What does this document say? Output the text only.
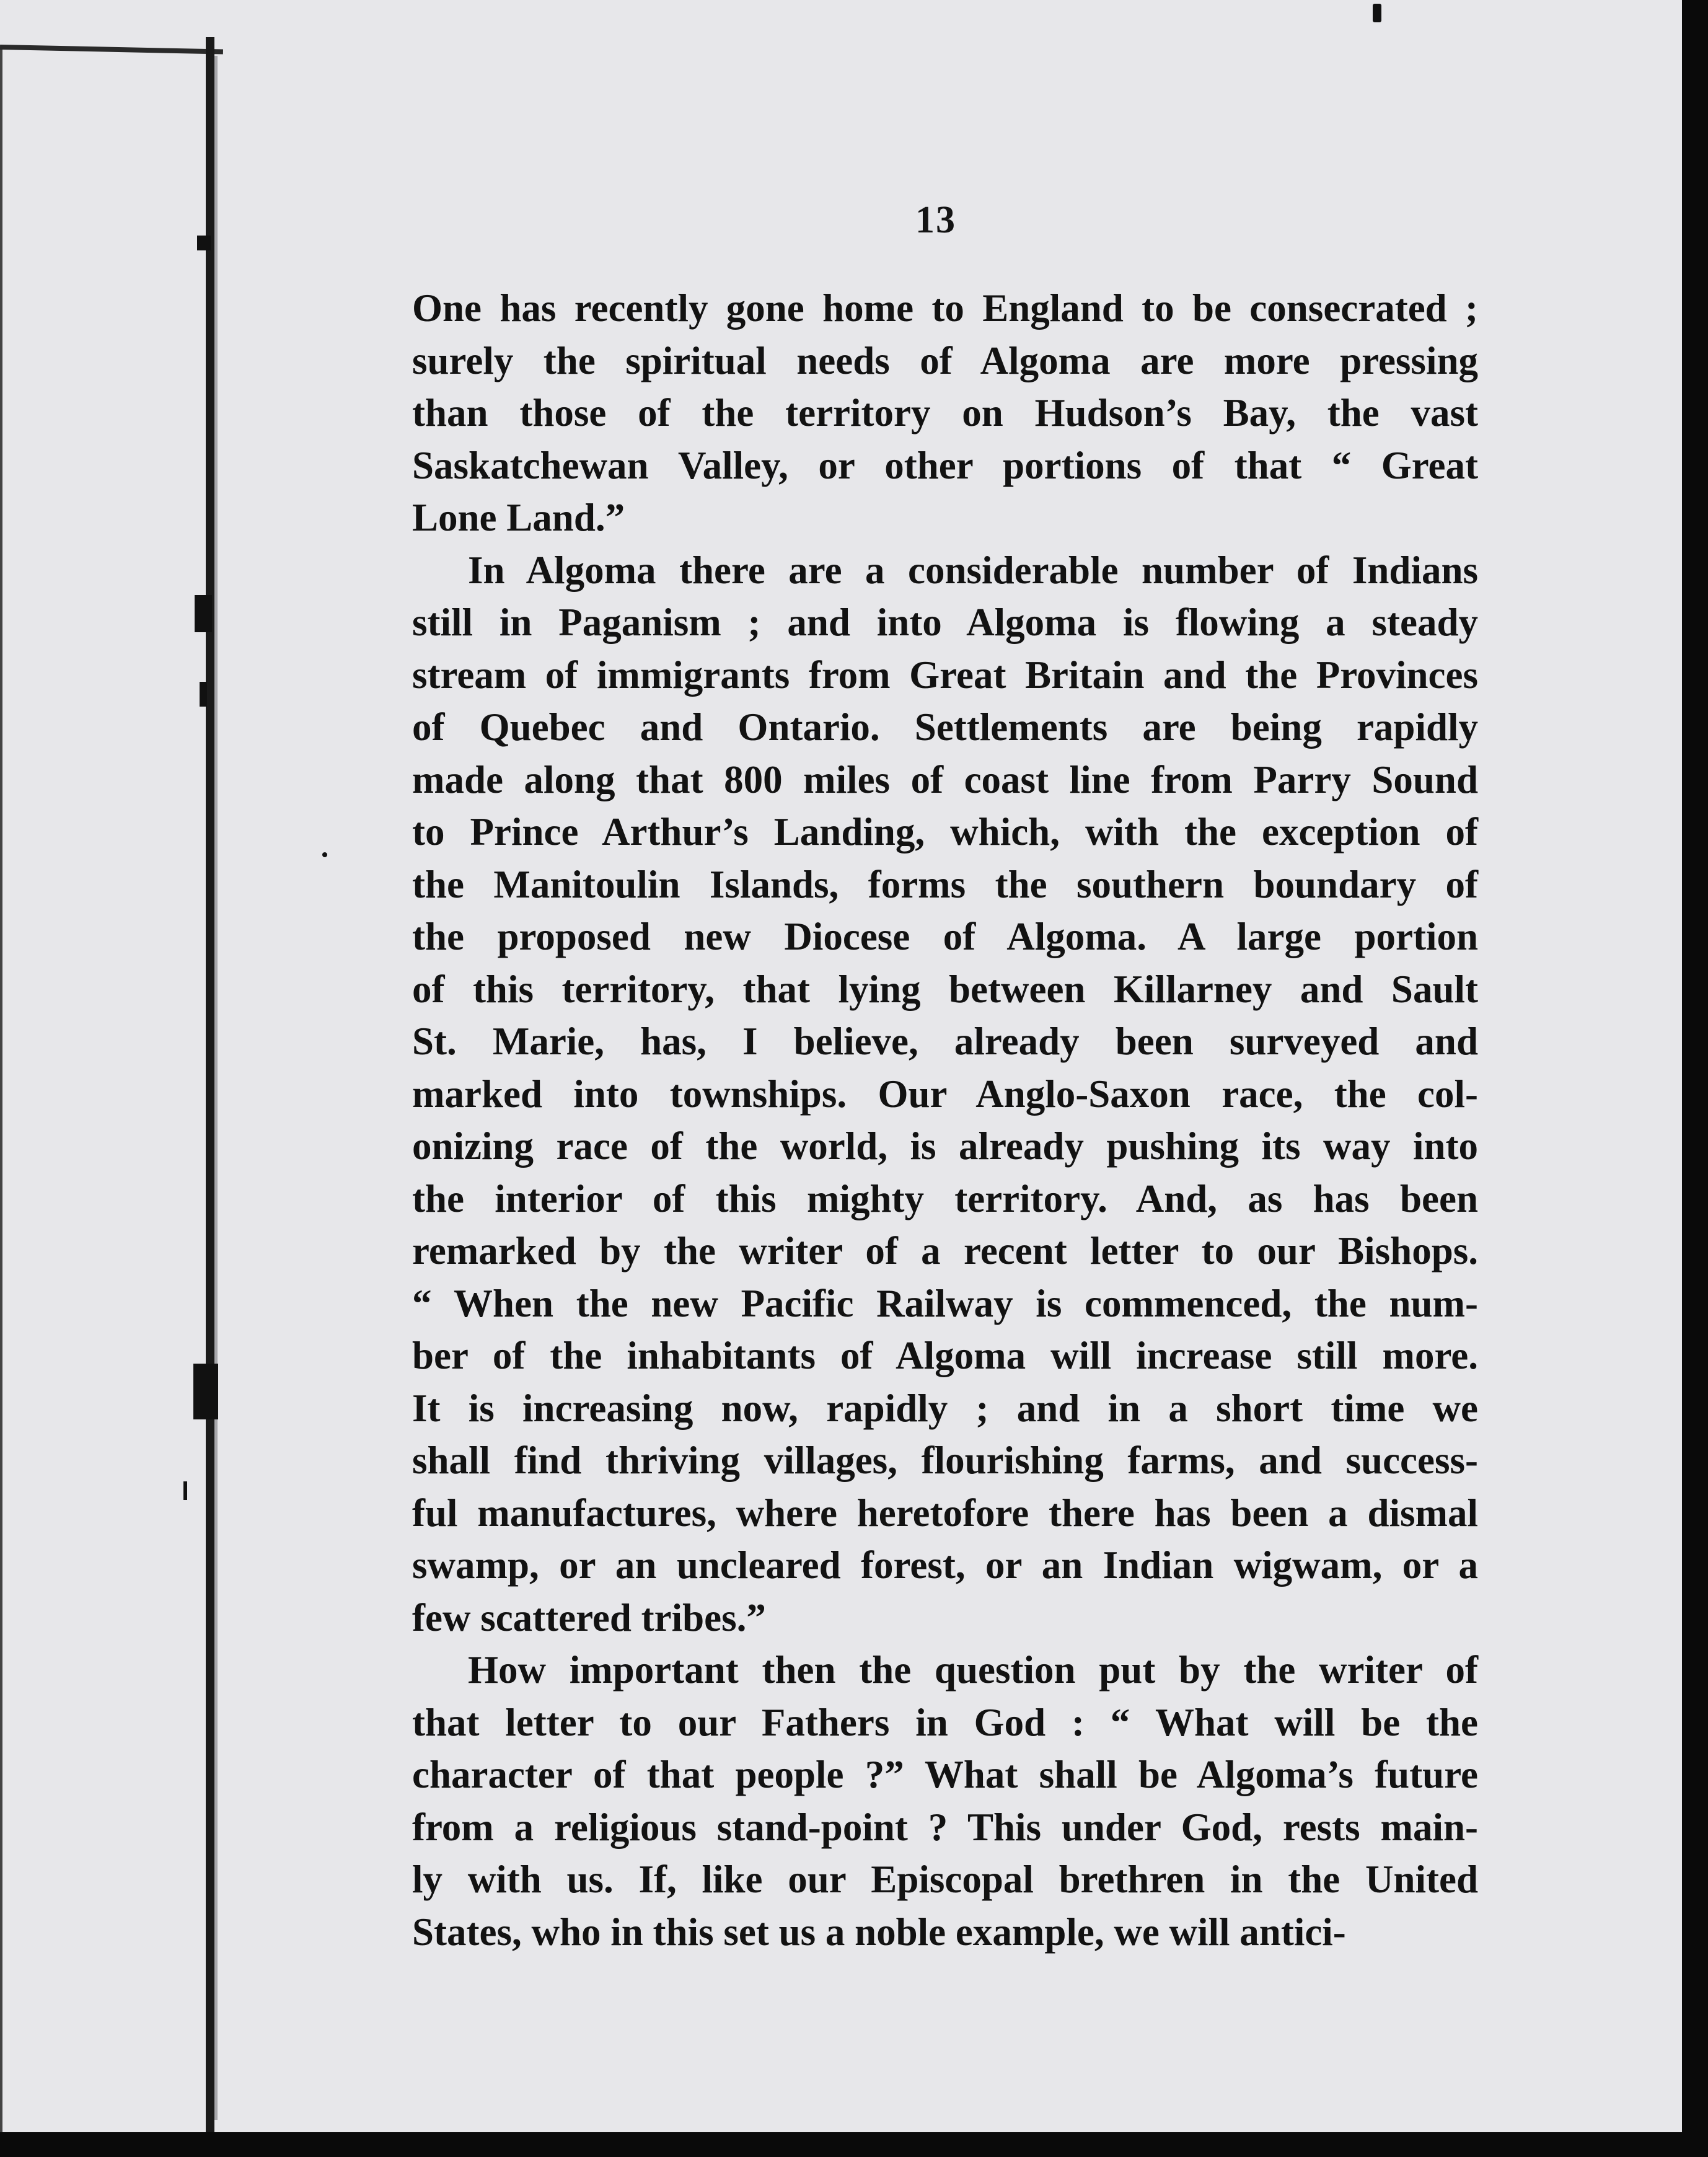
13
One has recently gone home to England to be consecrated ;
surely the spiritual needs of Algoma are more pressing
than those of the territory on Hudson’s Bay, the vast
Saskatchewan Valley, or other portions of that “ Great
Lone Land.”
In Algoma there are a considerable number of Indians
still in Paganism ; and into Algoma is flowing a steady
stream of immigrants from Great Britain and the Provinces
of Quebec and Ontario. Settlements are being rapidly
made along that 800 miles of coast line from Parry Sound
to Prince Arthur’s Landing, which, with the exception of
the Manitoulin Islands, forms the southern boundary of
the proposed new Diocese of Algoma. A large portion
of this territory, that lying between Killarney and Sault
St. Marie, has, I believe, already been surveyed and
marked into townships. Our Anglo-Saxon race, the col-
onizing race of the world, is already pushing its way into
the interior of this mighty territory. And, as has been
remarked by the writer of a recent letter to our Bishops.
“ When the new Pacific Railway is commenced, the num-
ber of the inhabitants of Algoma will increase still more.
It is increasing now, rapidly ; and in a short time we
shall find thriving villages, flourishing farms, and success-
ful manufactures, where heretofore there has been a dismal
swamp, or an uncleared forest, or an Indian wigwam, or a
few scattered tribes.”
How important then the question put by the writer of
that letter to our Fathers in God : “ What will be the
character of that people ?” What shall be Algoma’s future
from a religious stand-point ? This under God, rests main-
ly with us. If, like our Episcopal brethren in the United
States, who in this set us a noble example, we will antici-
